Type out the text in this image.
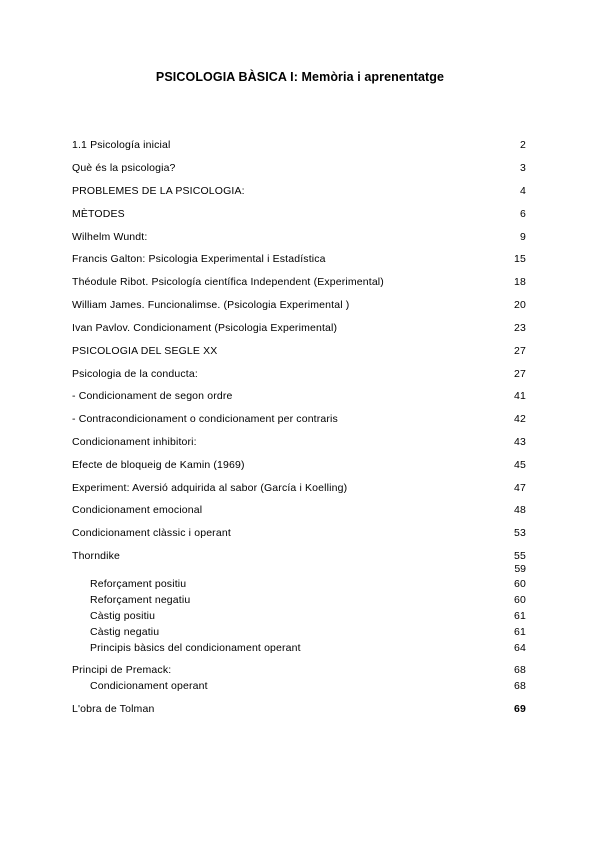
PSICOLOGIA BÀSICA I: Memòria i aprenentatge
1.1 Psicología inicial	2
Què és la psicologia?	3
PROBLEMES DE LA PSICOLOGIA:	4
MÈTODES	6
Wilhelm Wundt:	9
Francis Galton: Psicologia Experimental i Estadística	15
Théodule Ribot. Psicología científica Independent (Experimental)	18
William James. Funcionalimse. (Psicologia Experimental )	20
Ivan Pavlov. Condicionament (Psicologia Experimental)	23
PSICOLOGIA DEL SEGLE XX	27
Psicologia de la conducta:	27
- Condicionament de segon ordre	41
- Contracondicionament o condicionament per contraris	42
Condicionament inhibitori:	43
Efecte de bloqueig de Kamin (1969)	45
Experiment: Aversió adquirida al sabor (García i Koelling)	47
Condicionament emocional	48
Condicionament clàssic i operant	53
Thorndike	55
59
Reforçament positiu	60
Reforçament negatiu	60
Càstig positiu	61
Càstig negatiu	61
Principis bàsics del condicionament operant	64
Principi de Premack:	68
Condicionament operant	68
L'obra de Tolman	69
